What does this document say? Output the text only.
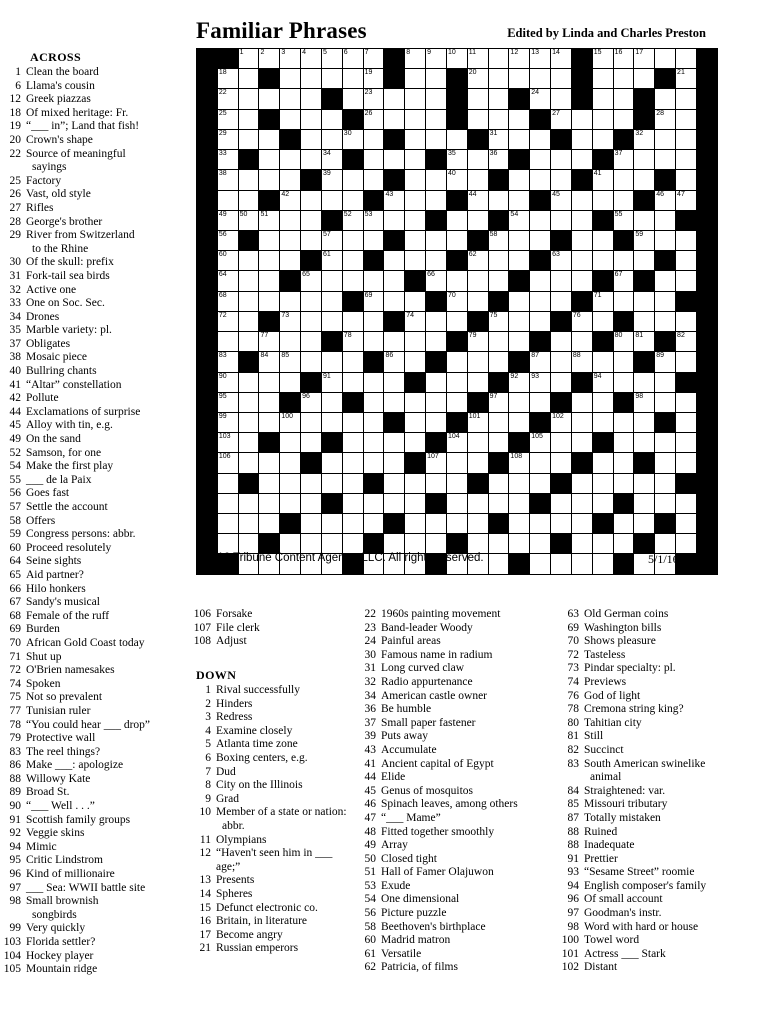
Familiar Phrases	Edited by Linda and Charles Preston
ACROSS
DOWN

		1	2	3	4	5	6	7		8	9	10	11		12	13	14		15	16	17			

	18							19					20										21	

	22							23								24								

	25							26									27					28		

	29						30							31							32			

	33					34						35		36						37				

	38					39						40							41					

				42					43				44				45					46	47	

	49	50	51				52	53							54					55				

	56					57								58							59			

	60					61							62				63							

	64				65						66									67				

	68							69				70							71					

	72			73						74				75				76						

			77				78						79							80	81		82	

	83		84	85					86							87		88				89		

	90					91									92	93			94					

	95				96									97							98			

	99			100									101				102							

	103											104				105								

	106										107				108									

©2016 Tribune Content Agency, LLC. All rights reserved.	5/1/16
1 Clean the board
6 Llama's cousin
12 Greek piazzas
18 Of mixed heritage: Fr.
19 “___ in”; Land that fish!
20 Crown's shape
22 Source of meaningful
sayings
25 Factory
26 Vast, old style
27 Rifles
28 George's brother
29 River from Switzerland
to the Rhine
30 Of the skull: prefix
31 Fork-tail sea birds
32 Active one
33 One on Soc. Sec.
34 Drones
35 Marble variety: pl.
37 Obligates
38 Mosaic piece
40 Bullring chants
41 “Altar” constellation
42 Pollute
44 Exclamations of surprise
45 Alloy with tin, e.g.
49 On the sand
52 Samson, for one
54 Make the first play
55 ___ de la Paix
56 Goes fast
57 Settle the account
58 Offers
59 Congress persons: abbr.
60 Proceed resolutely
64 Seine sights
65 Aid partner?
66 Hilo honkers
67 Sandy's musical
68 Female of the ruff
69 Burden
70 African Gold Coast today
71 Shut up
72 O'Brien namesakes
74 Spoken
75 Not so prevalent
77 Tunisian ruler
78 “You could hear ___ drop”
79 Protective wall
83 The reel things?
86 Make ___: apologize
88 Willowy Kate
89 Broad St.
90 “___ Well . . .”
91 Scottish family groups
92 Veggie skins
94 Mimic
95 Critic Lindstrom
96 Kind of millionaire
97 ___ Sea: WWII battle site
98 Small brownish
songbirds
99 Very quickly
103 Florida settler?
104 Hockey player
105 Mountain ridge
106 Forsake
107 File clerk
108 Adjust
1 Rival successfully
2 Hinders
3 Redress
4 Examine closely
5 Atlanta time zone
6 Boxing centers, e.g.
7 Dud
8 City on the Illinois
9 Grad
10 Member of a state or nation:
abbr.
11 Olympians
12 “Haven't seen him in ___ age;”
13 Presents
14 Spheres
15 Defunct electronic co.
16 Britain, in literature
17 Become angry
21 Russian emperors
22 1960s painting movement
23 Band-leader Woody
24 Painful areas
30 Famous name in radium
31 Long curved claw
32 Radio appurtenance
34 American castle owner
36 Be humble
37 Small paper fastener
39 Puts away
43 Accumulate
41 Ancient capital of Egypt
44 Elide
45 Genus of mosquitos
46 Spinach leaves, among others
47 “___ Mame”
48 Fitted together smoothly
49 Array
50 Closed tight
51 Hall of Famer Olajuwon
53 Exude
54 One dimensional
56 Picture puzzle
58 Beethoven's birthplace
60 Madrid matron
61 Versatile
62 Patricia, of films
63 Old German coins
69 Washington bills
70 Shows pleasure
72 Tasteless
73 Pindar specialty: pl.
74 Previews
76 God of light
78 Cremona string king?
80 Tahitian city
81 Still
82 Succinct
83 South American swinelike
animal
84 Straightened: var.
85 Missouri tributary
87 Totally mistaken
88 Ruined
88 Inadequate
91 Prettier
93 “Sesame Street” roomie
94 English composer's family
96 Of small account
97 Goodman's instr.
98 Word with hard or house
100 Towel word
101 Actress ___ Stark
102 Distant
